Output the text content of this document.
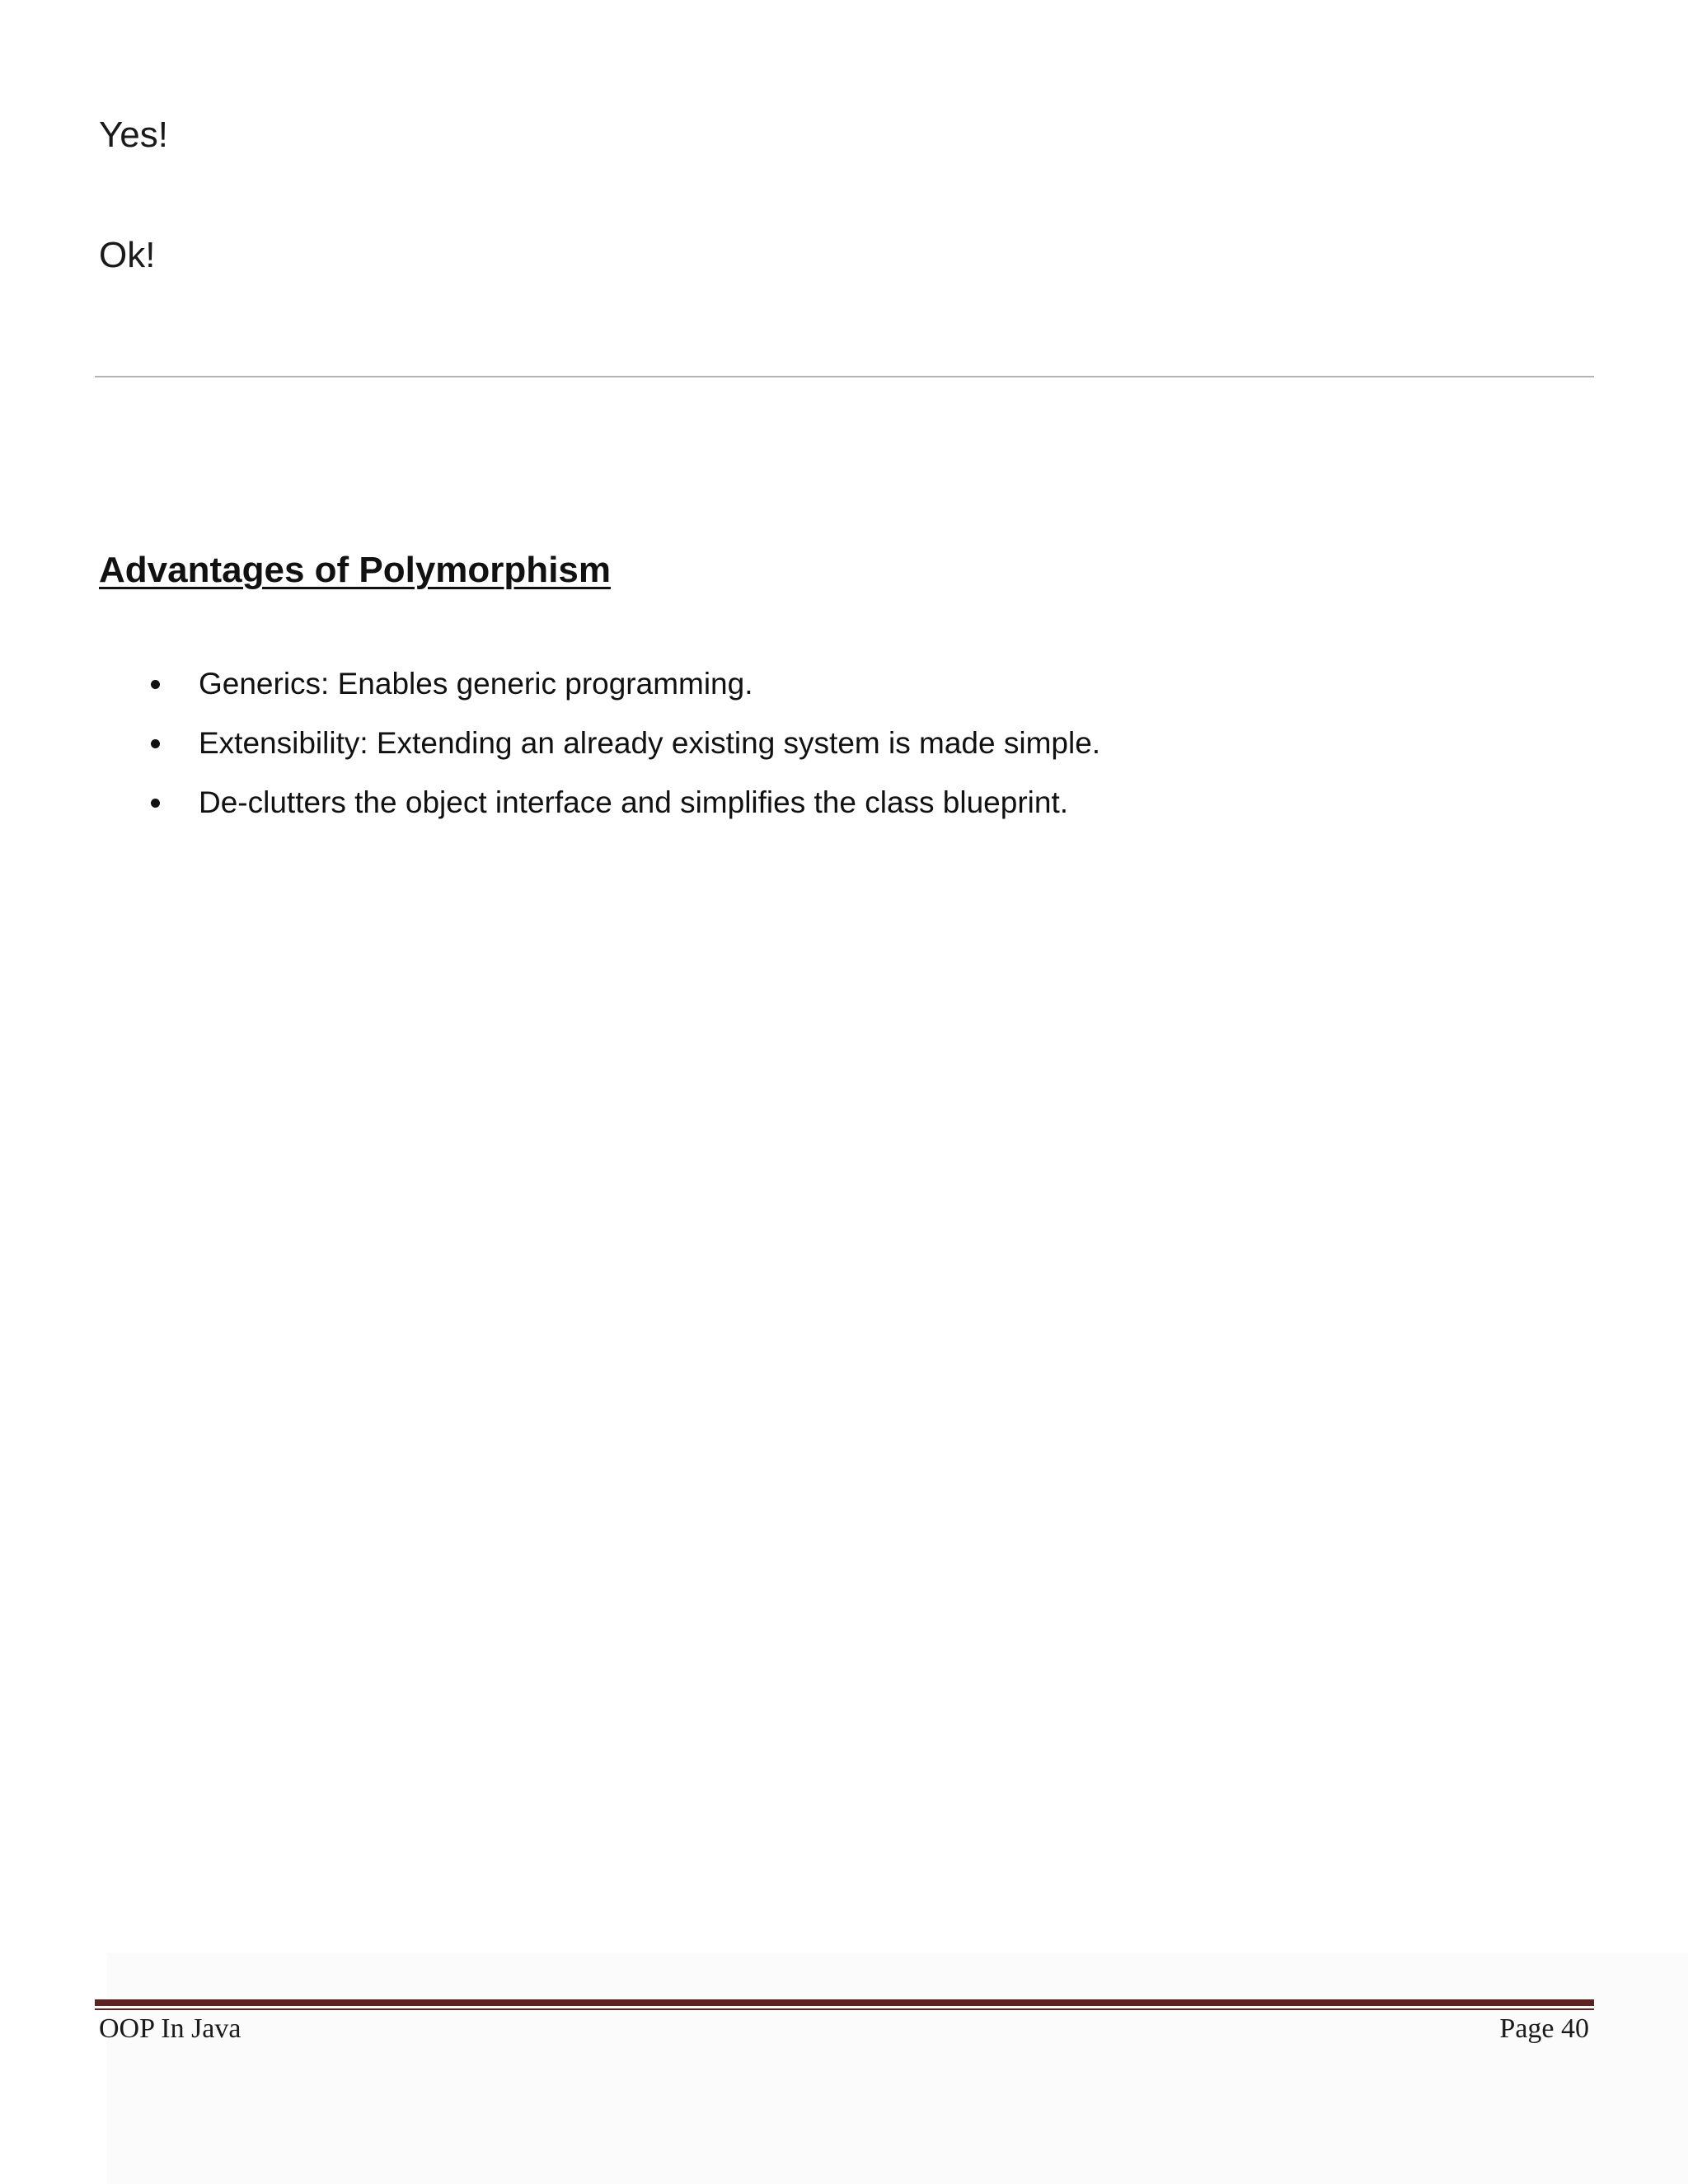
Yes!
Ok!
Advantages of Polymorphism
Generics: Enables generic programming.
Extensibility: Extending an already existing system is made simple.
De-clutters the object interface and simplifies the class blueprint.
OOP In Java	Page 40
